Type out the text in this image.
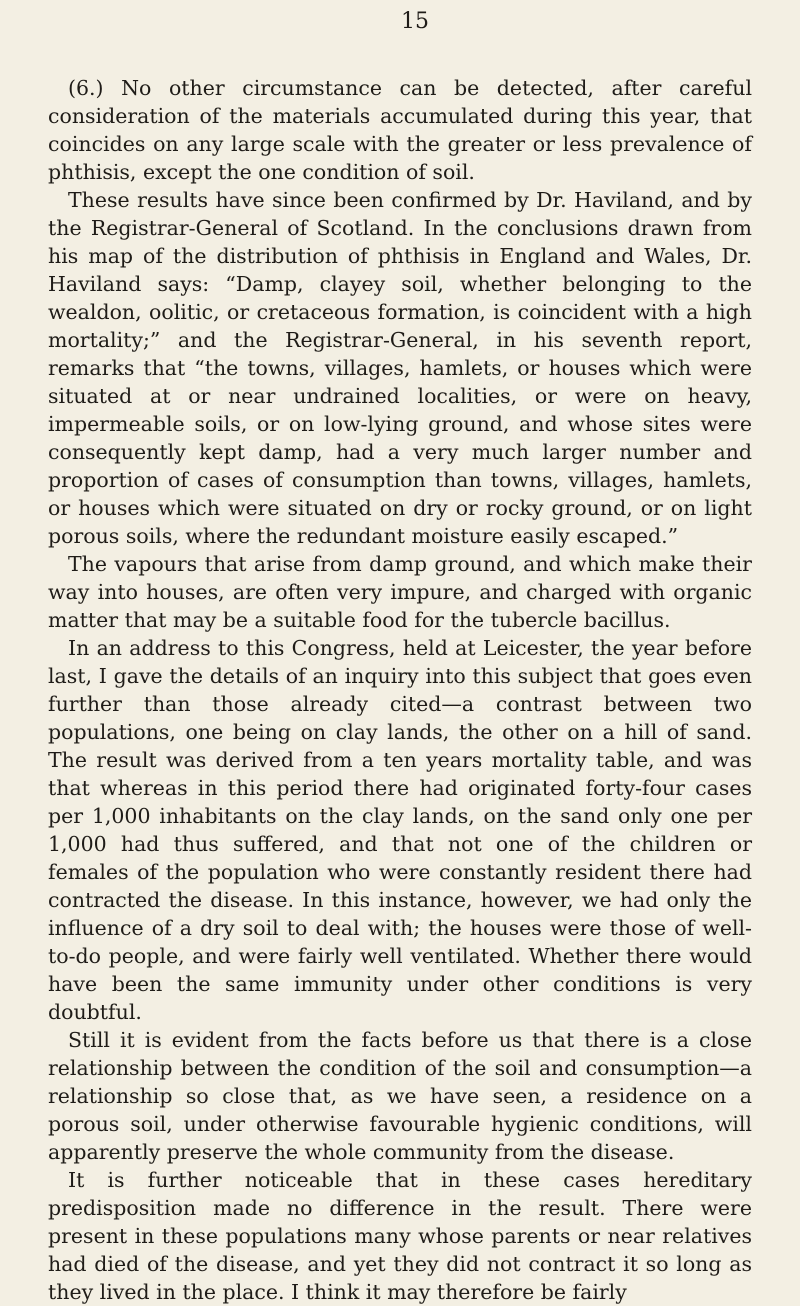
15

(6.) No other circumstance can be detected, after careful consideration of the materials accumulated during this year, that coincides on any large scale with the greater or less prevalence of phthisis, except the one condition of soil.

These results have since been confirmed by Dr. Haviland, and by the Registrar-General of Scotland. In the conclusions drawn from his map of the distribution of phthisis in England and Wales, Dr. Haviland says: “Damp, clayey soil, whether belonging to the wealdon, oolitic, or cretaceous formation, is coincident with a high mortality;” and the Registrar-General, in his seventh report, remarks that “the towns, villages, hamlets, or houses which were situated at or near undrained localities, or were on heavy, impermeable soils, or on low-lying ground, and whose sites were consequently kept damp, had a very much larger number and proportion of cases of consumption than towns, villages, hamlets, or houses which were situated on dry or rocky ground, or on light porous soils, where the redundant moisture easily escaped.”

The vapours that arise from damp ground, and which make their way into houses, are often very impure, and charged with organic matter that may be a suitable food for the tubercle bacillus.

In an address to this Congress, held at Leicester, the year before last, I gave the details of an inquiry into this subject that goes even further than those already cited—a contrast between two populations, one being on clay lands, the other on a hill of sand. The result was derived from a ten years mortality table, and was that whereas in this period there had originated forty-four cases per 1,000 inhabitants on the clay lands, on the sand only one per 1,000 had thus suffered, and that not one of the children or females of the population who were constantly resident there had contracted the disease. In this instance, however, we had only the influence of a dry soil to deal with; the houses were those of well-to-do people, and were fairly well ventilated. Whether there would have been the same immunity under other conditions is very doubtful.

Still it is evident from the facts before us that there is a close relationship between the condition of the soil and consumption—a relationship so close that, as we have seen, a residence on a porous soil, under otherwise favourable hygienic conditions, will apparently preserve the whole community from the disease.

It is further noticeable that in these cases hereditary predisposition made no difference in the result. There were present in these populations many whose parents or near relatives had died of the disease, and yet they did not contract it so long as they lived in the place. I think it may therefore be fairly
